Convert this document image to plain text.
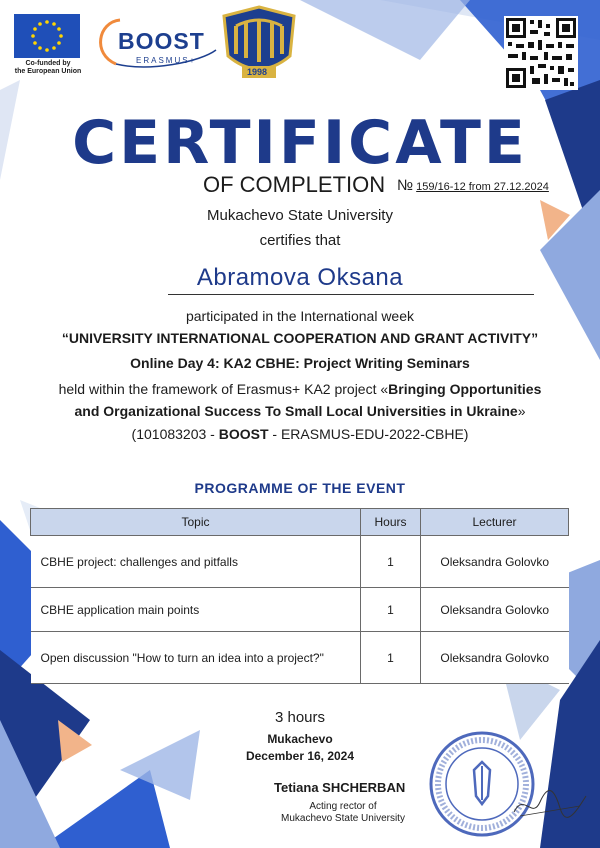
Co-funded by
the European Union
BOOST
ERASMUS+
1998
CERTIFICATE
OF COMPLETION № 159/16-12 from 27.12.2024
Mukachevo State University
certifies that
Abramova Oksana
participated in the International week
“UNIVERSITY INTERNATIONAL COOPERATION AND GRANT ACTIVITY”
Online Day 4: KA2 CBHE: Project Writing Seminars
held within the framework of Erasmus+ KA2 project «Bringing Opportunities
and Organizational Success To Small Local Universities in Ukraine»
(101083203 - BOOST - ERASMUS-EDU-2022-CBHE)
PROGRAMME OF THE EVENT
Topic	Hours	Lecturer
CBHE project: challenges and pitfalls	1	Oleksandra Golovko
CBHE application main points	1	Oleksandra Golovko
Open discussion "How to turn an idea into a project?"	1	Oleksandra Golovko
3 hours
Mukachevo
December 16, 2024
Tetiana SHCHERBAN
Acting rector of
Mukachevo State University
